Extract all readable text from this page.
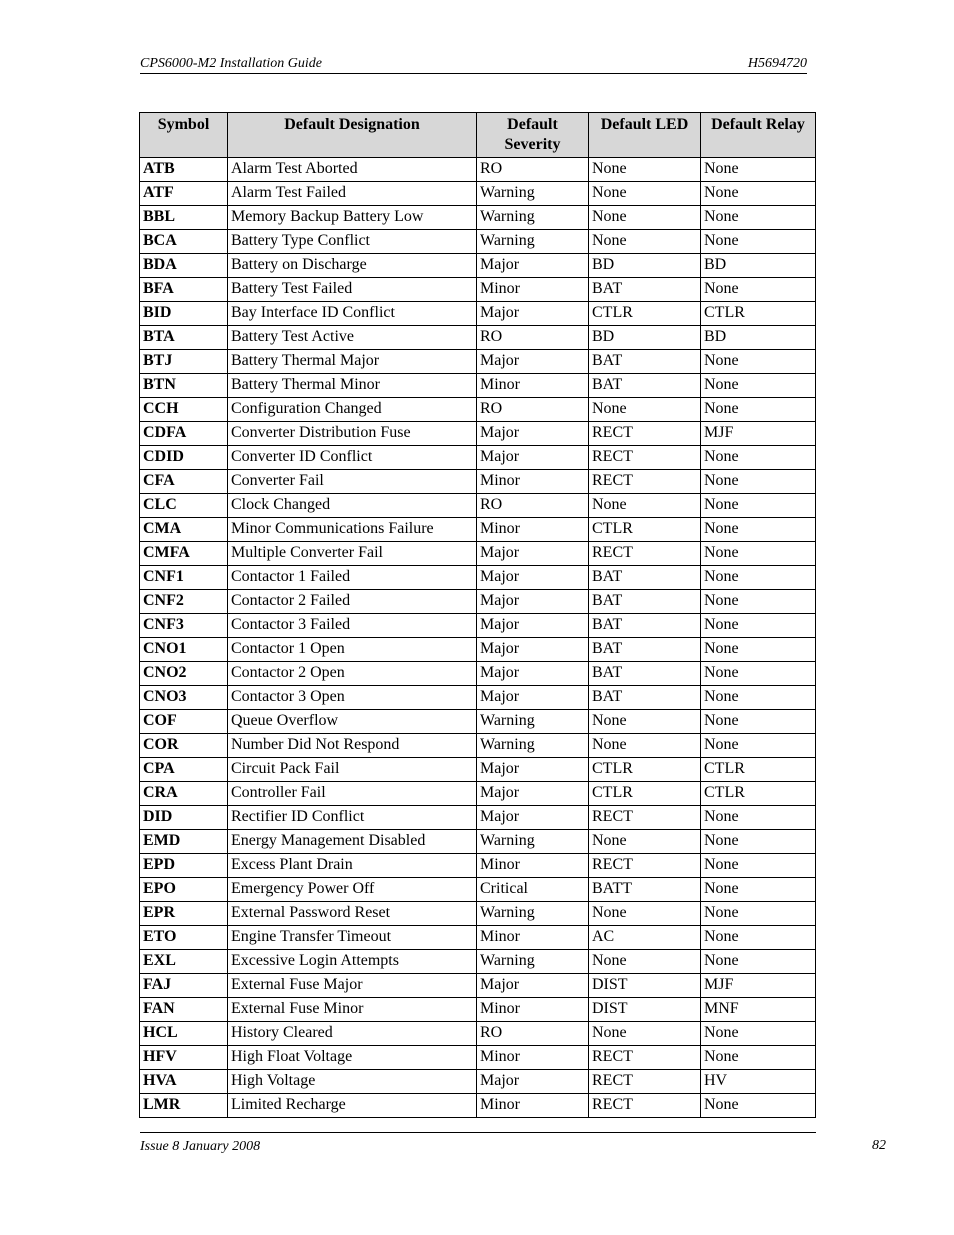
CPS6000-M2 Installation Guide	H5694720
Symbol	Default Designation	Default Severity	Default LED	Default Relay
ATB	Alarm Test Aborted	RO	None	None
ATF	Alarm Test Failed	Warning	None	None
BBL	Memory Backup Battery Low	Warning	None	None
BCA	Battery Type Conflict	Warning	None	None
BDA	Battery on Discharge	Major	BD	BD
BFA	Battery Test Failed	Minor	BAT	None
BID	Bay Interface ID Conflict	Major	CTLR	CTLR
BTA	Battery Test Active	RO	BD	BD
BTJ	Battery Thermal Major	Major	BAT	None
BTN	Battery Thermal Minor	Minor	BAT	None
CCH	Configuration Changed	RO	None	None
CDFA	Converter Distribution Fuse	Major	RECT	MJF
CDID	Converter ID Conflict	Major	RECT	None
CFA	Converter Fail	Minor	RECT	None
CLC	Clock Changed	RO	None	None
CMA	Minor Communications Failure	Minor	CTLR	None
CMFA	Multiple Converter Fail	Major	RECT	None
CNF1	Contactor 1 Failed	Major	BAT	None
CNF2	Contactor 2 Failed	Major	BAT	None
CNF3	Contactor 3 Failed	Major	BAT	None
CNO1	Contactor 1 Open	Major	BAT	None
CNO2	Contactor 2 Open	Major	BAT	None
CNO3	Contactor 3 Open	Major	BAT	None
COF	Queue Overflow	Warning	None	None
COR	Number Did Not Respond	Warning	None	None
CPA	Circuit Pack Fail	Major	CTLR	CTLR
CRA	Controller Fail	Major	CTLR	CTLR
DID	Rectifier ID Conflict	Major	RECT	None
EMD	Energy Management Disabled	Warning	None	None
EPD	Excess Plant Drain	Minor	RECT	None
EPO	Emergency Power Off	Critical	BATT	None
EPR	External Password Reset	Warning	None	None
ETO	Engine Transfer Timeout	Minor	AC	None
EXL	Excessive Login Attempts	Warning	None	None
FAJ	External Fuse Major	Major	DIST	MJF
FAN	External Fuse Minor	Minor	DIST	MNF
HCL	History Cleared	RO	None	None
HFV	High Float Voltage	Minor	RECT	None
HVA	High Voltage	Major	RECT	HV
LMR	Limited Recharge	Minor	RECT	None
Issue 8 January 2008	82
